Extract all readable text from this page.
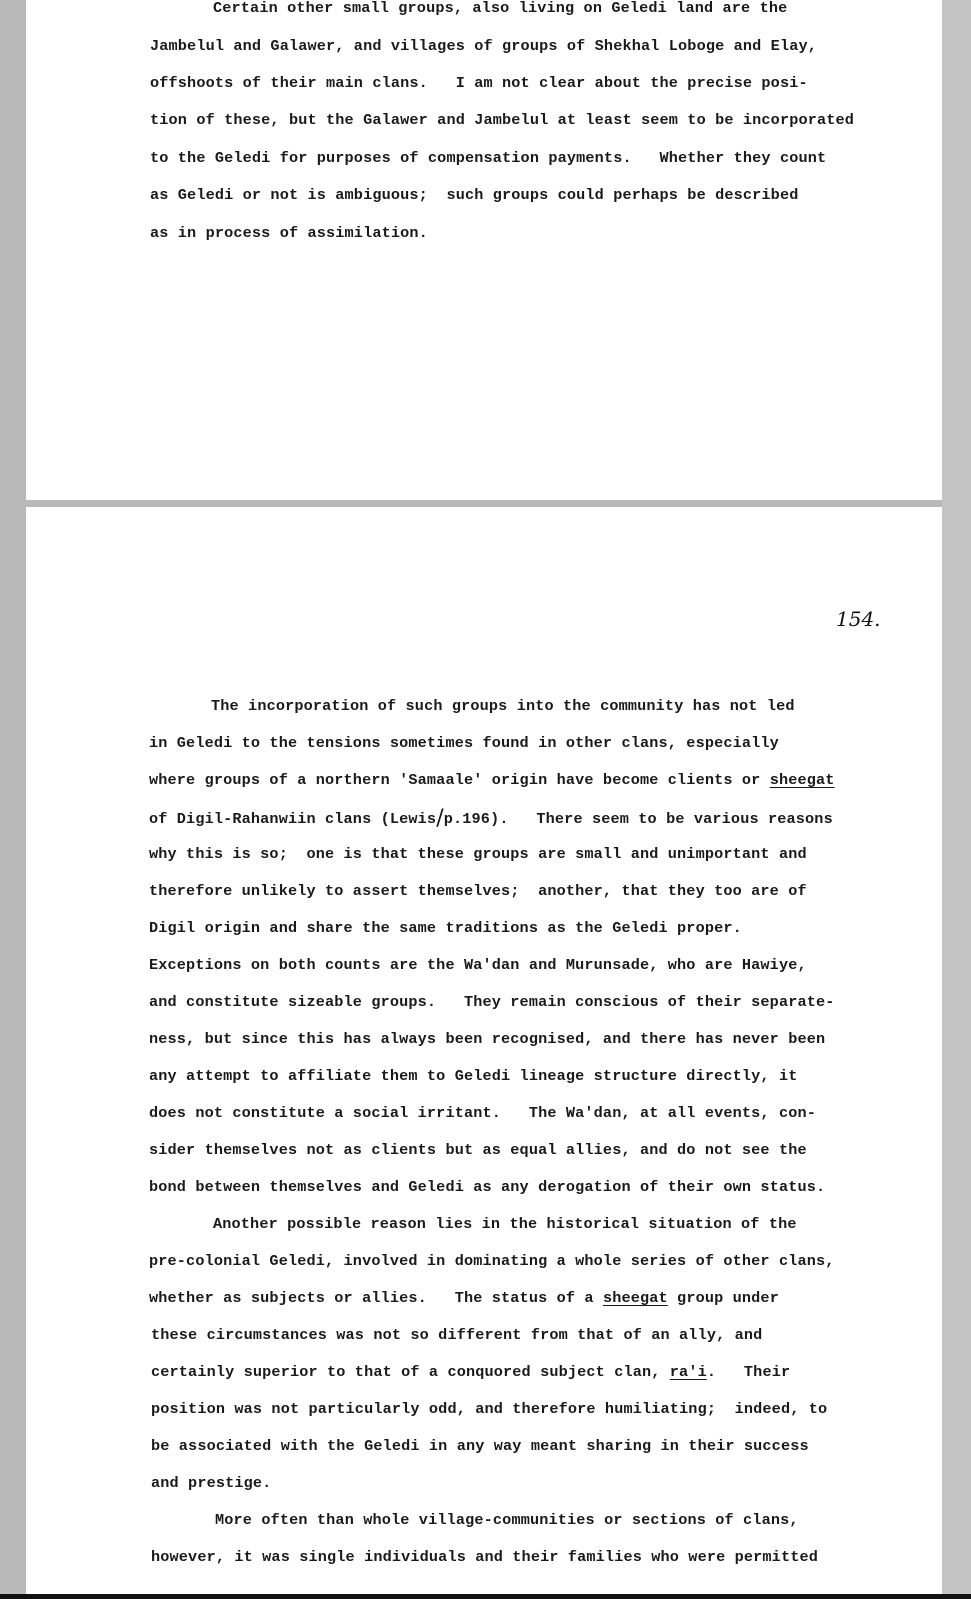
Certain other small groups, also living on Geledi land are the
Jambelul and Galawer, and villages of groups of Shekhal Loboge and Elay,
offshoots of their main clans.   I am not clear about the precise posi-
tion of these, but the Galawer and Jambelul at least seem to be incorporated
to the Geledi for purposes of compensation payments.   Whether they count
as Geledi or not is ambiguous;  such groups could perhaps be described
as in process of assimilation.
154.
The incorporation of such groups into the community has not led
in Geledi to the tensions sometimes found in other clans, especially
where groups of a northern 'Samaale' origin have become clients or sheegat
of Digil-Rahanwiin clans (Lewis/p.196).   There seem to be various reasons
why this is so;  one is that these groups are small and unimportant and
therefore unlikely to assert themselves;  another, that they too are of
Digil origin and share the same traditions as the Geledi proper.
Exceptions on both counts are the Wa'dan and Murunsade, who are Hawiye,
and constitute sizeable groups.   They remain conscious of their separate-
ness, but since this has always been recognised, and there has never been
any attempt to affiliate them to Geledi lineage structure directly, it
does not constitute a social irritant.   The Wa'dan, at all events, con-
sider themselves not as clients but as equal allies, and do not see the
bond between themselves and Geledi as any derogation of their own status.
Another possible reason lies in the historical situation of the
pre-colonial Geledi, involved in dominating a whole series of other clans,
whether as subjects or allies.   The status of a sheegat group under
these circumstances was not so different from that of an ally, and
certainly superior to that of a conquored subject clan, ra'i.   Their
position was not particularly odd, and therefore humiliating;  indeed, to
be associated with the Geledi in any way meant sharing in their success
and prestige.
More often than whole village-communities or sections of clans,
however, it was single individuals and their families who were permitted
